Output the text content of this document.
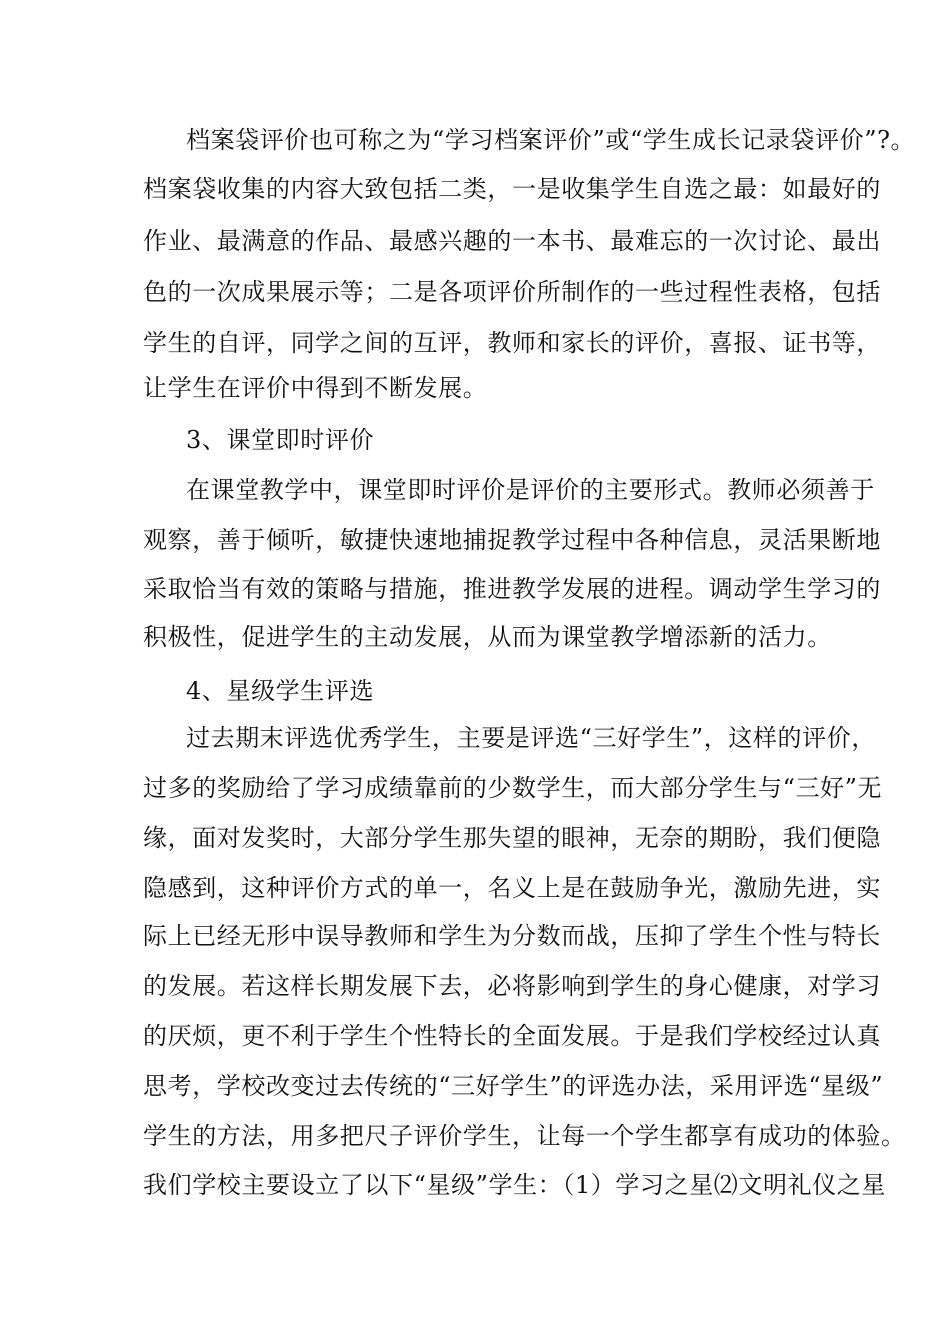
档案袋评价也可称之为“学习档案评价”或“学生成长记录袋评价”?。
档案袋收集的内容大致包括二类，一是收集学生自选之最：如最好的
作业、最满意的作品、最感兴趣的一本书、最难忘的一次讨论、最出
色的一次成果展示等；二是各项评价所制作的一些过程性表格，包括
学生的自评，同学之间的互评，教师和家长的评价，喜报、证书等，
让学生在评价中得到不断发展。
3、课堂即时评价
在课堂教学中，课堂即时评价是评价的主要形式。教师必须善于
观察，善于倾听，敏捷快速地捕捉教学过程中各种信息，灵活果断地
采取恰当有效的策略与措施，推进教学发展的进程。调动学生学习的
积极性，促进学生的主动发展，从而为课堂教学增添新的活力。
4、星级学生评选
过去期末评选优秀学生，主要是评选“三好学生”，这样的评价，
过多的奖励给了学习成绩靠前的少数学生，而大部分学生与“三好”无
缘，面对发奖时，大部分学生那失望的眼神，无奈的期盼，我们便隐
隐感到，这种评价方式的单一，名义上是在鼓励争光，激励先进，实
际上已经无形中误导教师和学生为分数而战，压抑了学生个性与特长
的发展。若这样长期发展下去，必将影响到学生的身心健康，对学习
的厌烦，更不利于学生个性特长的全面发展。于是我们学校经过认真
思考，学校改变过去传统的“三好学生”的评选办法，采用评选“星级”
学生的方法，用多把尺子评价学生，让每一个学生都享有成功的体验。
我们学校主要设立了以下“星级”学生：（1）学习之星⑵文明礼仪之星
